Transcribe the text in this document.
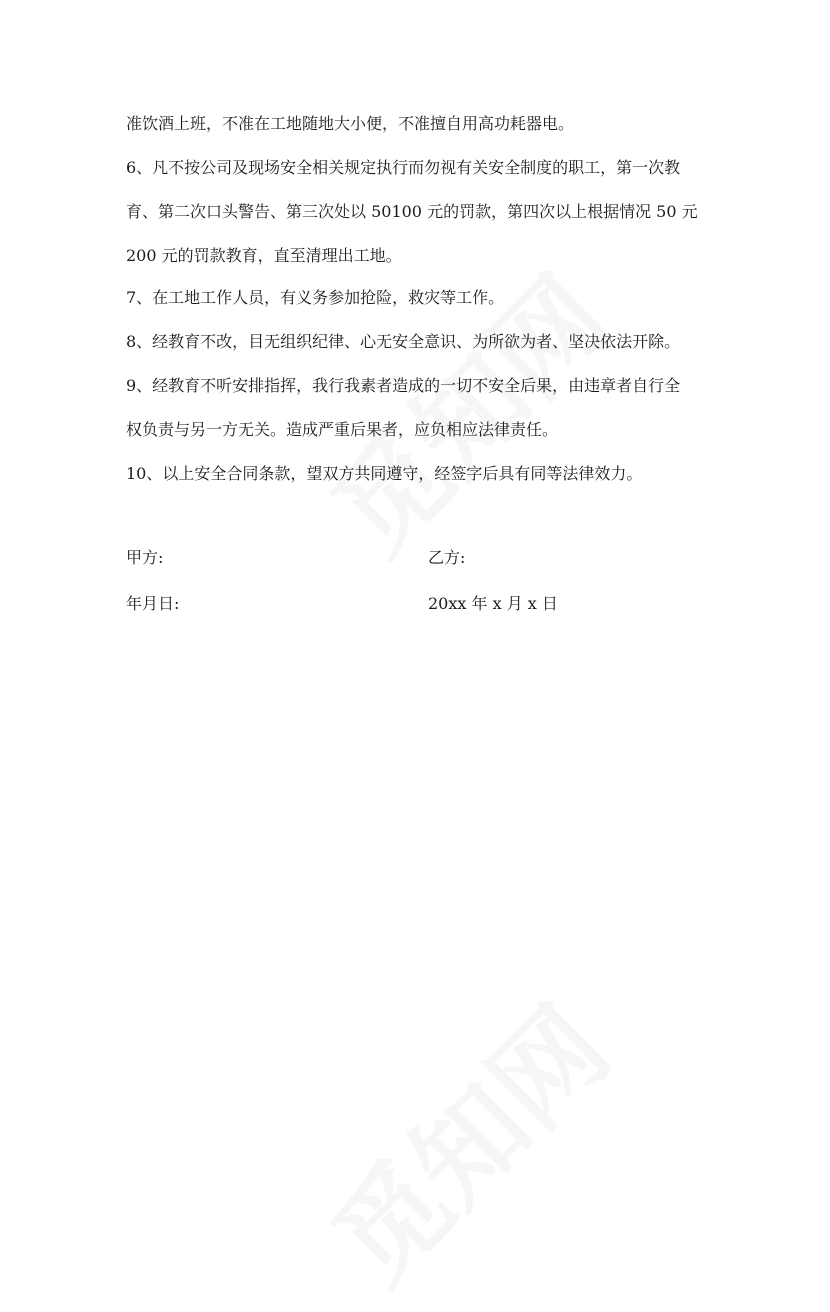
准饮酒上班，不准在工地随地大小便，不准擅自用高功耗器电。
6、凡不按公司及现场安全相关规定执行而勿视有关安全制度的职工，第一次教
育、第二次口头警告、第三次处以 50100 元的罚款，第四次以上根据情况 50 元
200 元的罚款教育，直至清理出工地。
7、在工地工作人员，有义务参加抢险，救灾等工作。
8、经教育不改，目无组织纪律、心无安全意识、为所欲为者、坚决依法开除。
9、经教育不听安排指挥，我行我素者造成的一切不安全后果，由违章者自行全
权负责与另一方无关。造成严重后果者，应负相应法律责任。
10、以上安全合同条款，望双方共同遵守，经签字后具有同等法律效力。
甲方:	乙方:
年月日:	20xx 年 x 月 x 日
